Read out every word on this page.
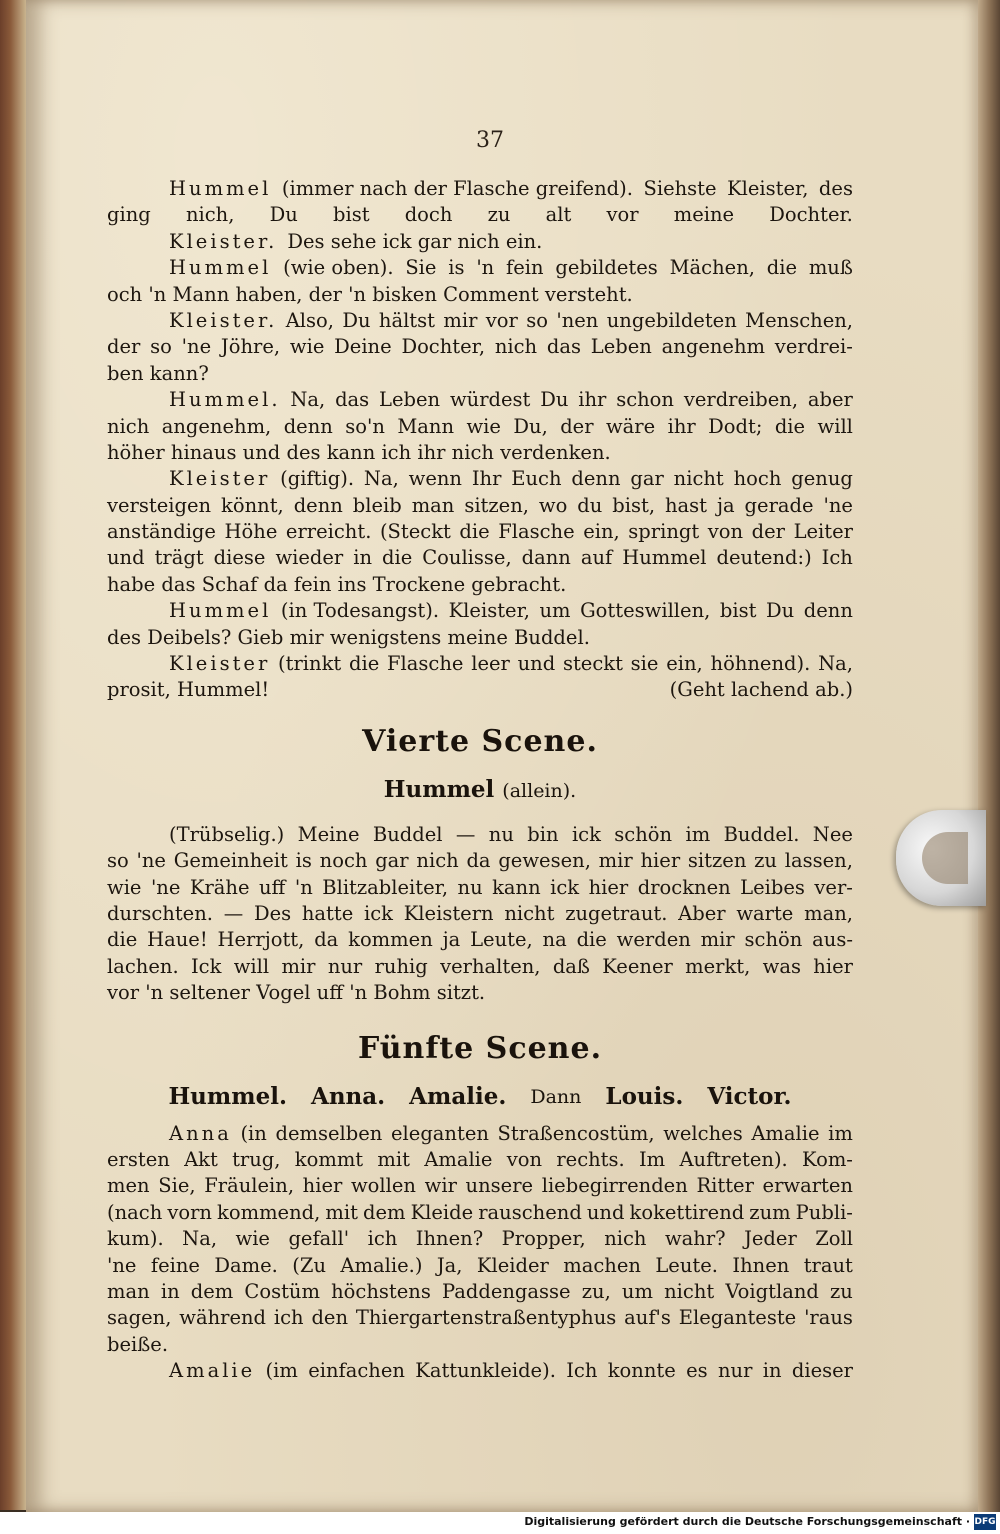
37
Hummel (immer nach der Flasche greifend). Siehste Kleister, des
ging nich, Du bist doch zu alt vor meine Dochter.
Kleister. Des sehe ick gar nich ein.
Hummel (wie oben). Sie is 'n fein gebildetes Mächen, die muß
och 'n Mann haben, der 'n bisken Comment versteht.
Kleister. Also, Du hältst mir vor so 'nen ungebildeten Menschen,
der so 'ne Jöhre, wie Deine Dochter, nich das Leben angenehm verdrei-
ben kann?
Hummel. Na, das Leben würdest Du ihr schon verdreiben, aber
nich angenehm, denn so'n Mann wie Du, der wäre ihr Dodt; die will
höher hinaus und des kann ich ihr nich verdenken.
Kleister (giftig). Na, wenn Ihr Euch denn gar nicht hoch genug
versteigen könnt, denn bleib man sitzen, wo du bist, hast ja gerade 'ne
anständige Höhe erreicht. (Steckt die Flasche ein, springt von der Leiter
und trägt diese wieder in die Coulisse, dann auf Hummel deutend:) Ich
habe das Schaf da fein ins Trockene gebracht.
Hummel (in Todesangst). Kleister, um Gotteswillen, bist Du denn
des Deibels? Gieb mir wenigstens meine Buddel.
Kleister (trinkt die Flasche leer und steckt sie ein, höhnend). Na,
prosit, Hummel!	(Geht lachend ab.)
Vierte Scene.
Hummel (allein).
(Trübselig.) Meine Buddel — nu bin ick schön im Buddel. Nee
so 'ne Gemeinheit is noch gar nich da gewesen, mir hier sitzen zu lassen,
wie 'ne Krähe uff 'n Blitzableiter, nu kann ick hier drocknen Leibes ver-
durschten. — Des hatte ick Kleistern nicht zugetraut. Aber warte man,
die Haue! Herrjott, da kommen ja Leute, na die werden mir schön aus-
lachen. Ick will mir nur ruhig verhalten, daß Keener merkt, was hier
vor 'n seltener Vogel uff 'n Bohm sitzt.
Fünfte Scene.
Hummel. Anna. Amalie. Dann Louis. Victor.
Anna (in demselben eleganten Straßencostüm, welches Amalie im
ersten Akt trug, kommt mit Amalie von rechts. Im Auftreten). Kom-
men Sie, Fräulein, hier wollen wir unsere liebegirrenden Ritter erwarten
(nach vorn kommend, mit dem Kleide rauschend und kokettirend zum Publi-
kum). Na, wie gefall' ich Ihnen? Propper, nich wahr? Jeder Zoll
'ne feine Dame. (Zu Amalie.) Ja, Kleider machen Leute. Ihnen traut
man in dem Costüm höchstens Paddengasse zu, um nicht Voigtland zu
sagen, während ich den Thiergartenstraßentyphus auf's Eleganteste 'raus
beiße.
Amalie (im einfachen Kattunkleide). Ich konnte es nur in dieser
Digitalisierung gefördert durch die Deutsche Forschungsgemeinschaft · DFG
